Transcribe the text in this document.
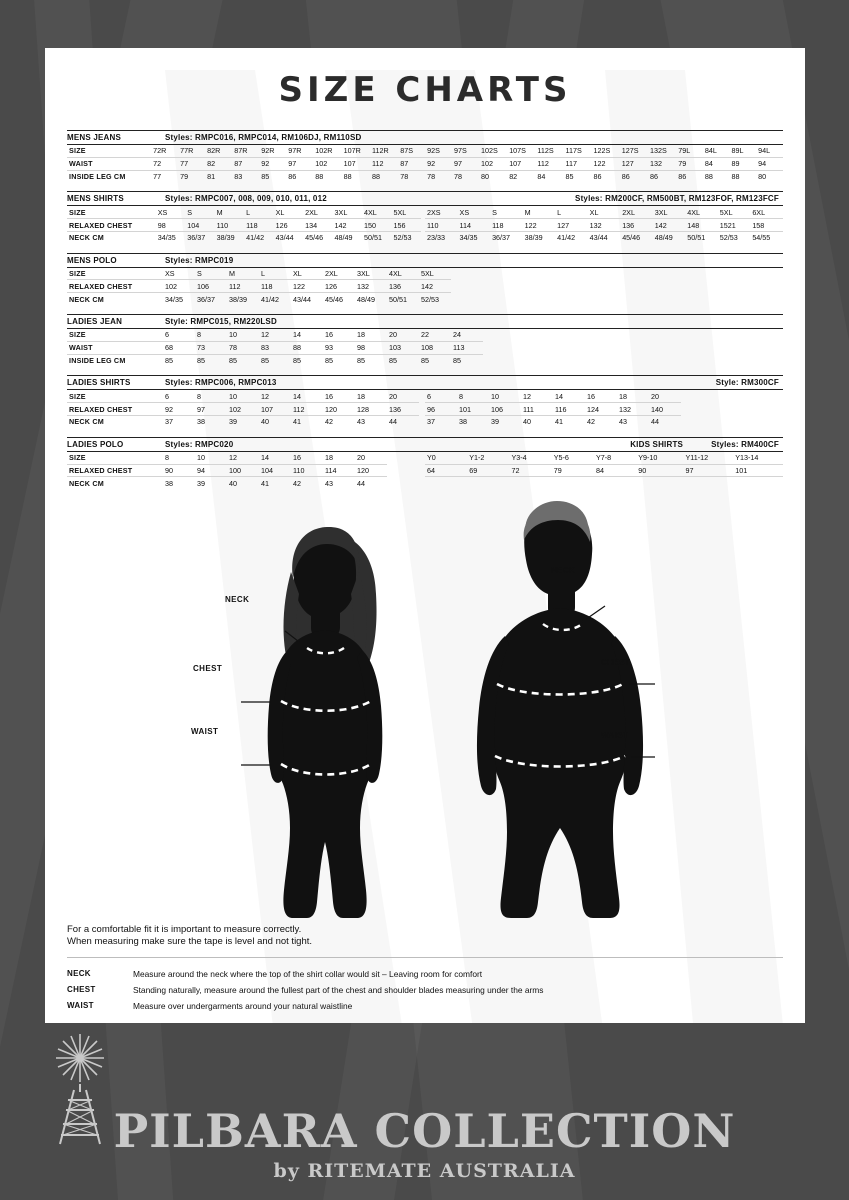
SIZE CHARTS
MENS JEANS	Styles: RMPC016, RMPC014, RM106DJ, RM110SD
SIZE	72R	77R	82R	87R	92R	97R	102R	107R	112R	87S	92S	97S	102S	107S	112S	117S	122S	127S	132S	79L	84L	89L	94L
WAIST	72	77	82	87	92	97	102	107	112	87	92	97	102	107	112	117	122	127	132	79	84	89	94
INSIDE LEG CM	77	79	81	83	85	86	88	88	88	78	78	78	80	82	84	85	86	86	86	86	88	88	80
MENS SHIRTS	Styles: RMPC007, 008, 009, 010, 011, 012	Styles: RM200CF, RM500BT, RM123FOF, RM123FCF
SIZE	XS	S	M	L	XL	2XL	3XL	4XL	5XL	
RELAXED CHEST	98	104	110	118	126	134	142	150	156	
NECK CM	34/35	36/37	38/39	41/42	43/44	45/46	48/49	50/51	52/53	
2XS	XS	S	M	L	XL	2XL	3XL	4XL	5XL	6XL
110	114	118	122	127	132	136	142	148	1521	158
23/33	34/35	36/37	38/39	41/42	43/44	45/46	48/49	50/51	52/53	54/55
MENS POLO	Styles: RMPC019
SIZE	XS	S	M	L	XL	2XL	3XL	4XL	5XL	
RELAXED CHEST	102	106	112	118	122	126	132	136	142	
NECK CM	34/35	36/37	38/39	41/42	43/44	45/46	48/49	50/51	52/53	
LADIES JEAN	Style: RMPC015, RM220LSD
SIZE	6	8	10	12	14	16	18	20	22	24	
WAIST	68	73	78	83	88	93	98	103	108	113	
INSIDE LEG CM	85	85	85	85	85	85	85	85	85	85	
LADIES SHIRTS	Styles: RMPC006, RMPC013	Style: RM300CF
SIZE	6	8	10	12	14	16	18	20	
RELAXED CHEST	92	97	102	107	112	120	128	136	
NECK CM	37	38	39	40	41	42	43	44	
6	8	10	12	14	16	18	20	
96	101	106	111	116	124	132	140	
37	38	39	40	41	42	43	44	
LADIES POLO	Styles: RMPC020	KIDS SHIRTS	Styles: RM400CF
SIZE	8	10	12	14	16	18	20	
RELAXED CHEST	90	94	100	104	110	114	120	
NECK CM	38	39	40	41	42	43	44	
Y0	Y1-2	Y3-4	Y5-6	Y7-8	Y9-10	Y11-12	Y13-14
64	69	72	79	84	90	97	101

NECK
CHEST
WAIST
NECK
CHEST
WAIST

For a comfortable fit it is important to measure correctly.

When measuring make sure the tape is level and not tight.

NECK	Measure around the neck where the top of the shirt collar would sit – Leaving room for comfort
CHEST	Standing naturally, measure around the fullest part of the chest and shoulder blades measuring under the arms
WAIST	Measure over undergarments around your natural waistline
PILBARA COLLECTION
by RITEMATE AUSTRALIA
